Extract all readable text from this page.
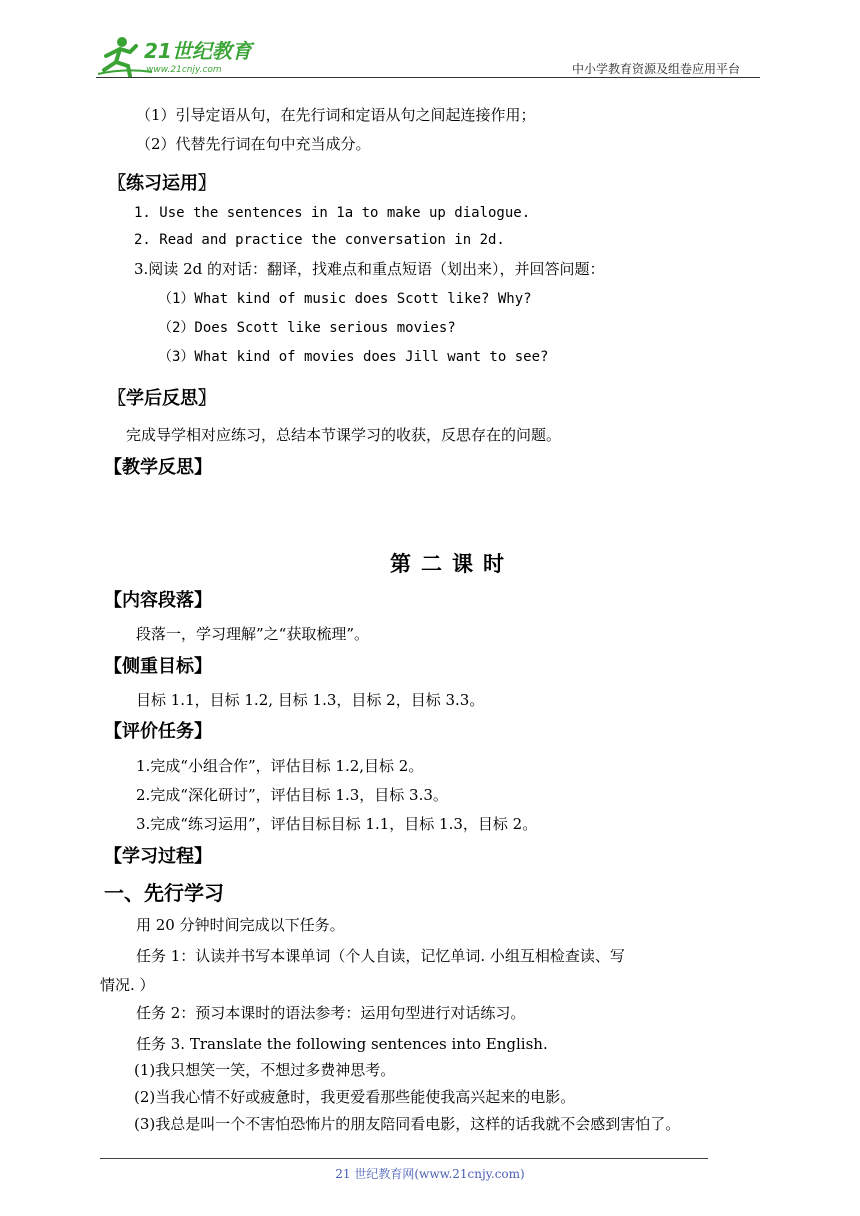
21世纪教育
www.21cnjy.com	中小学教育资源及组卷应用平台
（1）引导定语从句，在先行词和定语从句之间起连接作用；
（2）代替先行词在句中充当成分。
〖练习运用〗
1. Use the sentences in 1a to make up dialogue.
2. Read and practice the conversation in 2d.
3.阅读 2d 的对话：翻译，找难点和重点短语（划出来），并回答问题：
（1）What kind of music does Scott like? Why?
（2）Does Scott like serious movies?
（3）What kind of movies does Jill want to see?
〖学后反思〗
完成导学相对应练习，总结本节课学习的收获，反思存在的问题。
【教学反思】
第二课时
【内容段落】
段落一，学习理解”之“获取梳理”。
【侧重目标】
目标 1.1，目标 1.2, 目标 1.3，目标 2，目标 3.3。
【评价任务】
1.完成“小组合作”，评估目标 1.2,目标 2。
2.完成“深化研讨”，评估目标 1.3，目标 3.3。
3.完成“练习运用”，评估目标目标 1.1，目标 1.3，目标 2。
【学习过程】
一、先行学习
用 20 分钟时间完成以下任务。
任务 1：认读并书写本课单词（个人自读，记忆单词. 小组互相检查读、写
情况. ）
任务 2：预习本课时的语法参考：运用句型进行对话练习。
任务 3. Translate the following sentences into English.
(1)我只想笑一笑，不想过多费神思考。
(2)当我心情不好或疲惫时，我更爱看那些能使我高兴起来的电影。
(3)我总是叫一个不害怕恐怖片的朋友陪同看电影，这样的话我就不会感到害怕了。
21 世纪教育网(www.21cnjy.com)
